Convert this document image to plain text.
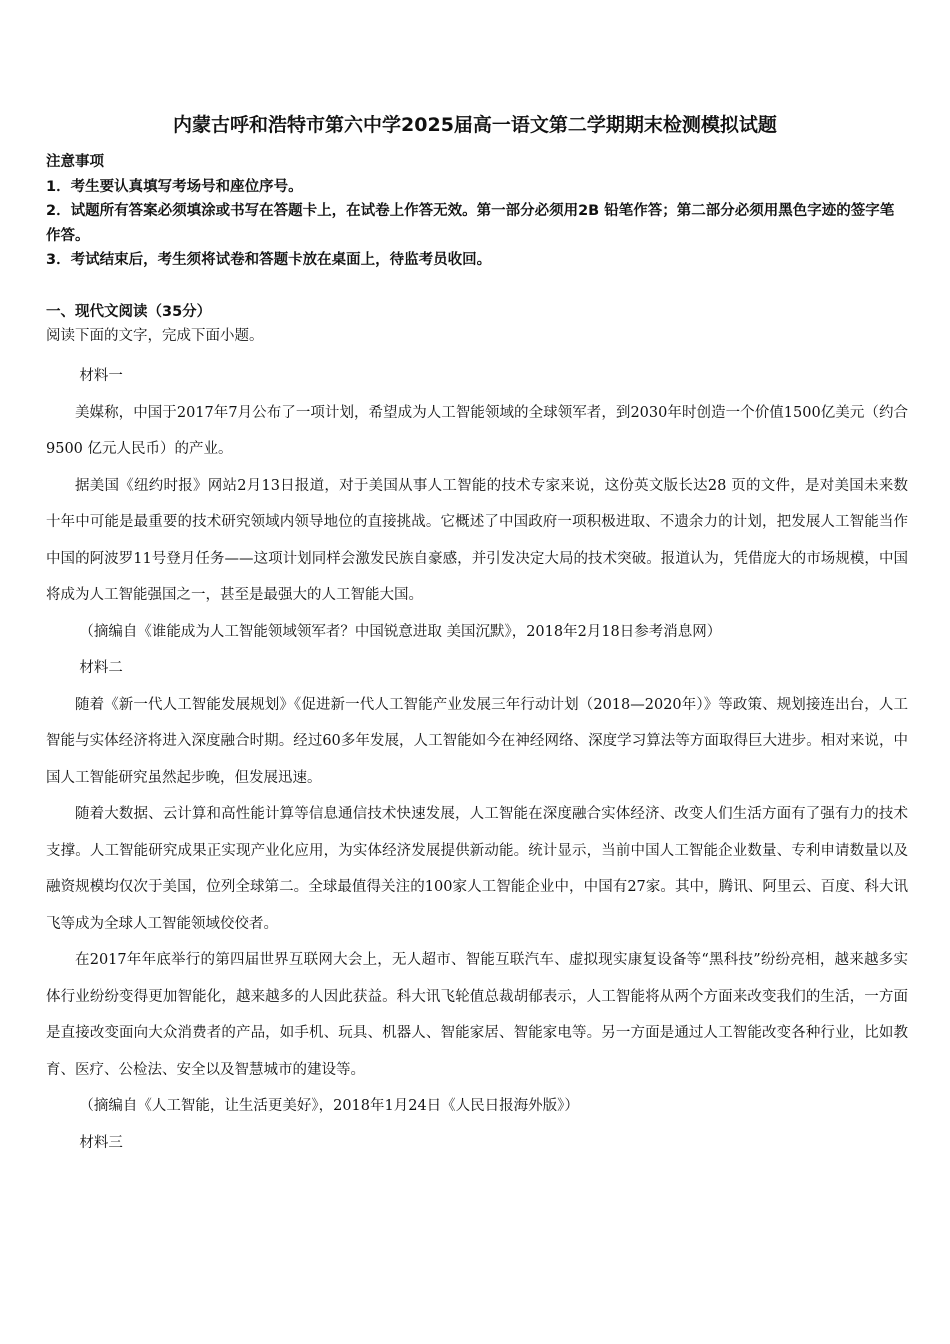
内蒙古呼和浩特市第六中学2025届高一语文第二学期期末检测模拟试题
注意事项
1．考生要认真填写考场号和座位序号。
2．试题所有答案必须填涂或书写在答题卡上，在试卷上作答无效。第一部分必须用2B 铅笔作答；第二部分必须用黑色字迹的签字笔作答。
3．考试结束后，考生须将试卷和答题卡放在桌面上，待监考员收回。
一、现代文阅读（35分）
阅读下面的文字，完成下面小题。

材料一

美媒称，中国于2017年7月公布了一项计划，希望成为人工智能领域的全球领军者，到2030年时创造一个价值1500亿美元（约合9500 亿元人民币）的产业。

据美国《纽约时报》网站2月13日报道，对于美国从事人工智能的技术专家来说，这份英文版长达28 页的文件，是对美国未来数十年中可能是最重要的技术研究领域内领导地位的直接挑战。它概述了中国政府一项积极进取、不遗余力的计划，把发展人工智能当作中国的阿波罗11号登月任务——这项计划同样会激发民族自豪感，并引发决定大局的技术突破。报道认为，凭借庞大的市场规模，中国将成为人工智能强国之一，甚至是最强大的人工智能大国。

（摘编自《谁能成为人工智能领域领军者？中国锐意进取 美国沉默》，2018年2月18日参考消息网）

材料二

随着《新一代人工智能发展规划》《促进新一代人工智能产业发展三年行动计划（2018—2020年）》等政策、规划接连出台，人工智能与实体经济将进入深度融合时期。经过60多年发展，人工智能如今在神经网络、深度学习算法等方面取得巨大进步。相对来说，中国人工智能研究虽然起步晚，但发展迅速。

随着大数据、云计算和高性能计算等信息通信技术快速发展，人工智能在深度融合实体经济、改变人们生活方面有了强有力的技术支撑。人工智能研究成果正实现产业化应用，为实体经济发展提供新动能。统计显示，当前中国人工智能企业数量、专利申请数量以及融资规模均仅次于美国，位列全球第二。全球最值得关注的100家人工智能企业中，中国有27家。其中，腾讯、阿里云、百度、科大讯飞等成为全球人工智能领域佼佼者。

在2017年年底举行的第四届世界互联网大会上，无人超市、智能互联汽车、虚拟现实康复设备等“黑科技”纷纷亮相，越来越多实体行业纷纷变得更加智能化，越来越多的人因此获益。科大讯飞轮值总裁胡郁表示，人工智能将从两个方面来改变我们的生活，一方面是直接改变面向大众消费者的产品，如手机、玩具、机器人、智能家居、智能家电等。另一方面是通过人工智能改变各种行业，比如教育、医疗、公检法、安全以及智慧城市的建设等。

（摘编自《人工智能，让生活更美好》，2018年1月24日《人民日报海外版》）

材料三
